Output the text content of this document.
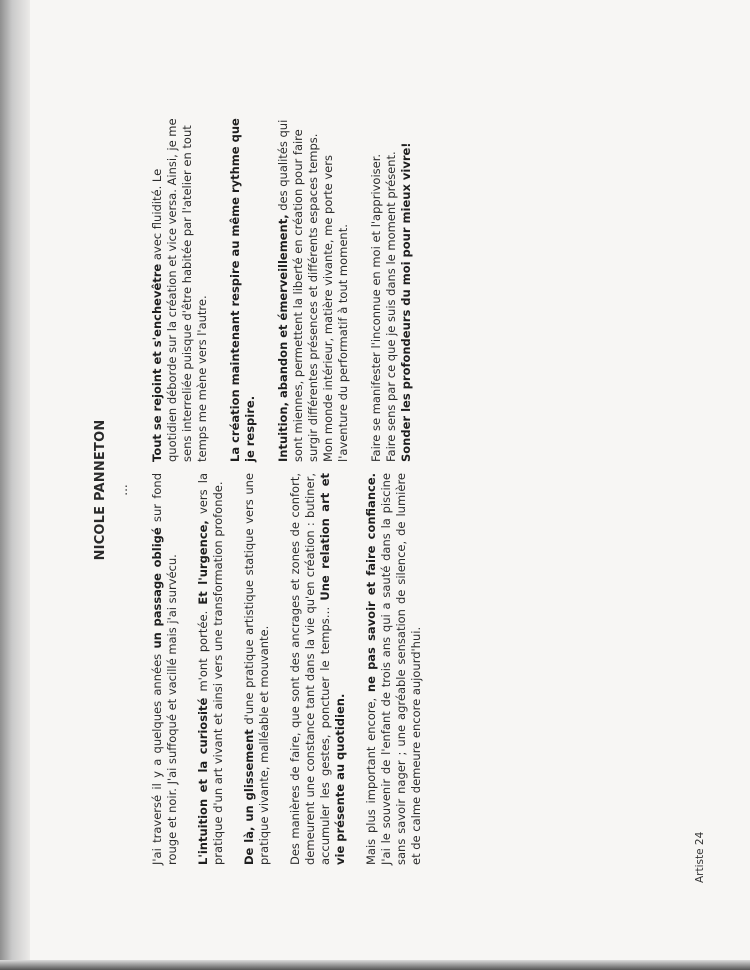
NICOLE PANNETON ...

J'ai traversé il y a quelques années un passage obligé sur fond rouge et noir. J'ai suffoqué et vacillé mais j'ai survécu. L'intuition et la curiosité m'ont portée. Et l'urgence, vers la pratique d'un art vivant et ainsi vers une transformation profonde. De là, un glissement d'une pratique artistique statique vers une pratique vivante, malléable et mouvante. Des manières de faire, que sont des ancrages et zones de confort, demeurent une constance tant dans la vie qu'en création : butiner, accumuler les gestes, ponctuer le temps… Une relation art et vie présente au quotidien. Mais plus important encore, ne pas savoir et faire confiance. J'ai le souvenir de l'enfant de trois ans qui a sauté dans la piscine sans savoir nager ; une agréable sensation de silence, de lumière et de calme demeure encore aujourd'hui.

Tout se rejoint et s'enchevêtre avec fluidité. Le quotidien déborde sur la création et vice versa. Ainsi, je me sens interreliée puisque d'être habitée par l'atelier en tout temps me mène vers l'autre. La création maintenant respire au même rythme que je respire. Intuition, abandon et émerveillement, des qualités qui sont miennes, permettent la liberté en création pour faire surgir différentes présences et différents espaces temps. Mon monde intérieur, matière vivante, me porte vers l'aventure du performatif à tout moment. Faire se manifester l'inconnue en moi et l'apprivoiser. Faire sens par ce que je suis dans le moment présent. Sonder les profondeurs du moi pour mieux vivre!
Artiste 24
